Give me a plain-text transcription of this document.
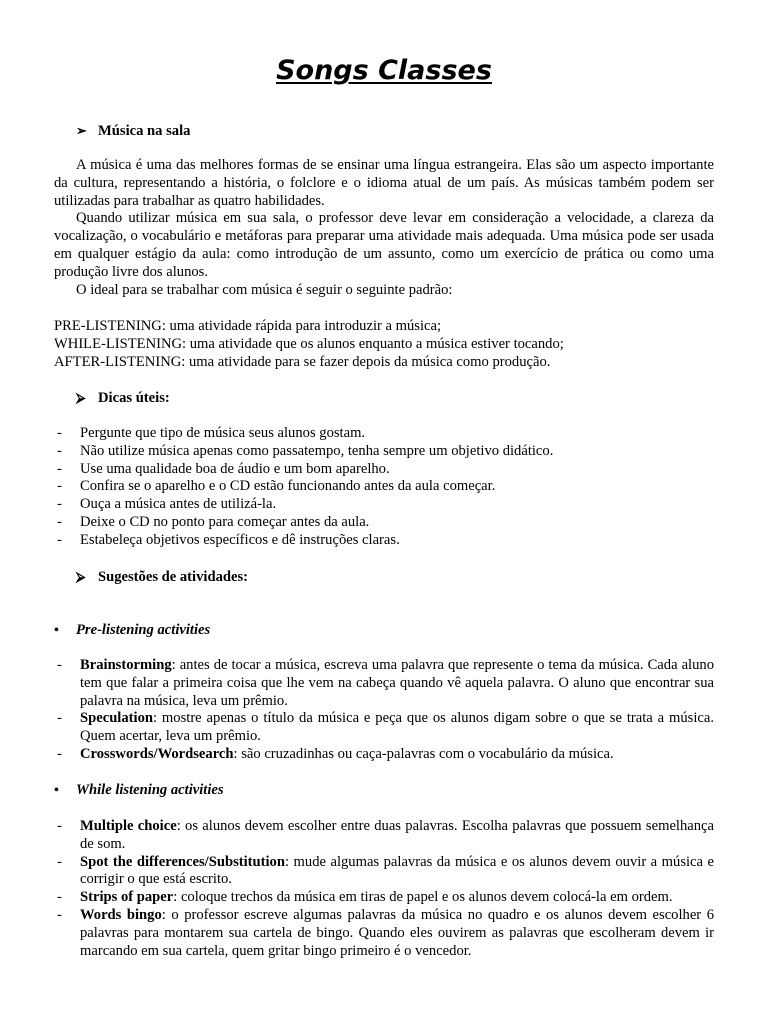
Songs Classes
➢ Música na sala

A música é uma das melhores formas de se ensinar uma língua estrangeira. Elas são um aspecto importante da cultura, representando a história, o folclore e o idioma atual de um país. As músicas também podem ser utilizadas para trabalhar as quatro habilidades.

Quando utilizar música em sua sala, o professor deve levar em consideração a velocidade, a clareza da vocalização, o vocabulário e metáforas para preparar uma atividade mais adequada. Uma música pode ser usada em qualquer estágio da aula: como introdução de um assunto, como um exercício de prática ou como uma produção livre dos alunos.

O ideal para se trabalhar com música é seguir o seguinte padrão:

PRE-LISTENING: uma atividade rápida para introduzir a música;
WHILE-LISTENING: uma atividade que os alunos enquanto a música estiver tocando;
AFTER-LISTENING: uma atividade para se fazer depois da música como produção.
⮚ Dicas úteis:
- Pergunte que tipo de música seus alunos gostam.
- Não utilize música apenas como passatempo, tenha sempre um objetivo didático.
- Use uma qualidade boa de áudio e um bom aparelho.
- Confira se o aparelho e o CD estão funcionando antes da aula começar.
- Ouça a música antes de utilizá-la.
- Deixe o CD no ponto para começar antes da aula.
- Estabeleça objetivos específicos e dê instruções claras.
⮚ Sugestões de atividades:
• Pre-listening activities
- Brainstorming: antes de tocar a música, escreva uma palavra que represente o tema da música. Cada aluno tem que falar a primeira coisa que lhe vem na cabeça quando vê aquela palavra. O aluno que encontrar sua palavra na música, leva um prêmio.
- Speculation: mostre apenas o título da música e peça que os alunos digam sobre o que se trata a música. Quem acertar, leva um prêmio.
- Crosswords/Wordsearch: são cruzadinhas ou caça-palavras com o vocabulário da música.
• While listening activities
- Multiple choice: os alunos devem escolher entre duas palavras. Escolha palavras que possuem semelhança de som.
- Spot the differences/Substitution: mude algumas palavras da música e os alunos devem ouvir a música e corrigir o que está escrito.
- Strips of paper: coloque trechos da música em tiras de papel e os alunos devem colocá-la em ordem.
- Words bingo: o professor escreve algumas palavras da música no quadro e os alunos devem escolher 6 palavras para montarem sua cartela de bingo. Quando eles ouvirem as palavras que escolheram devem ir marcando em sua cartela, quem gritar bingo primeiro é o vencedor.
